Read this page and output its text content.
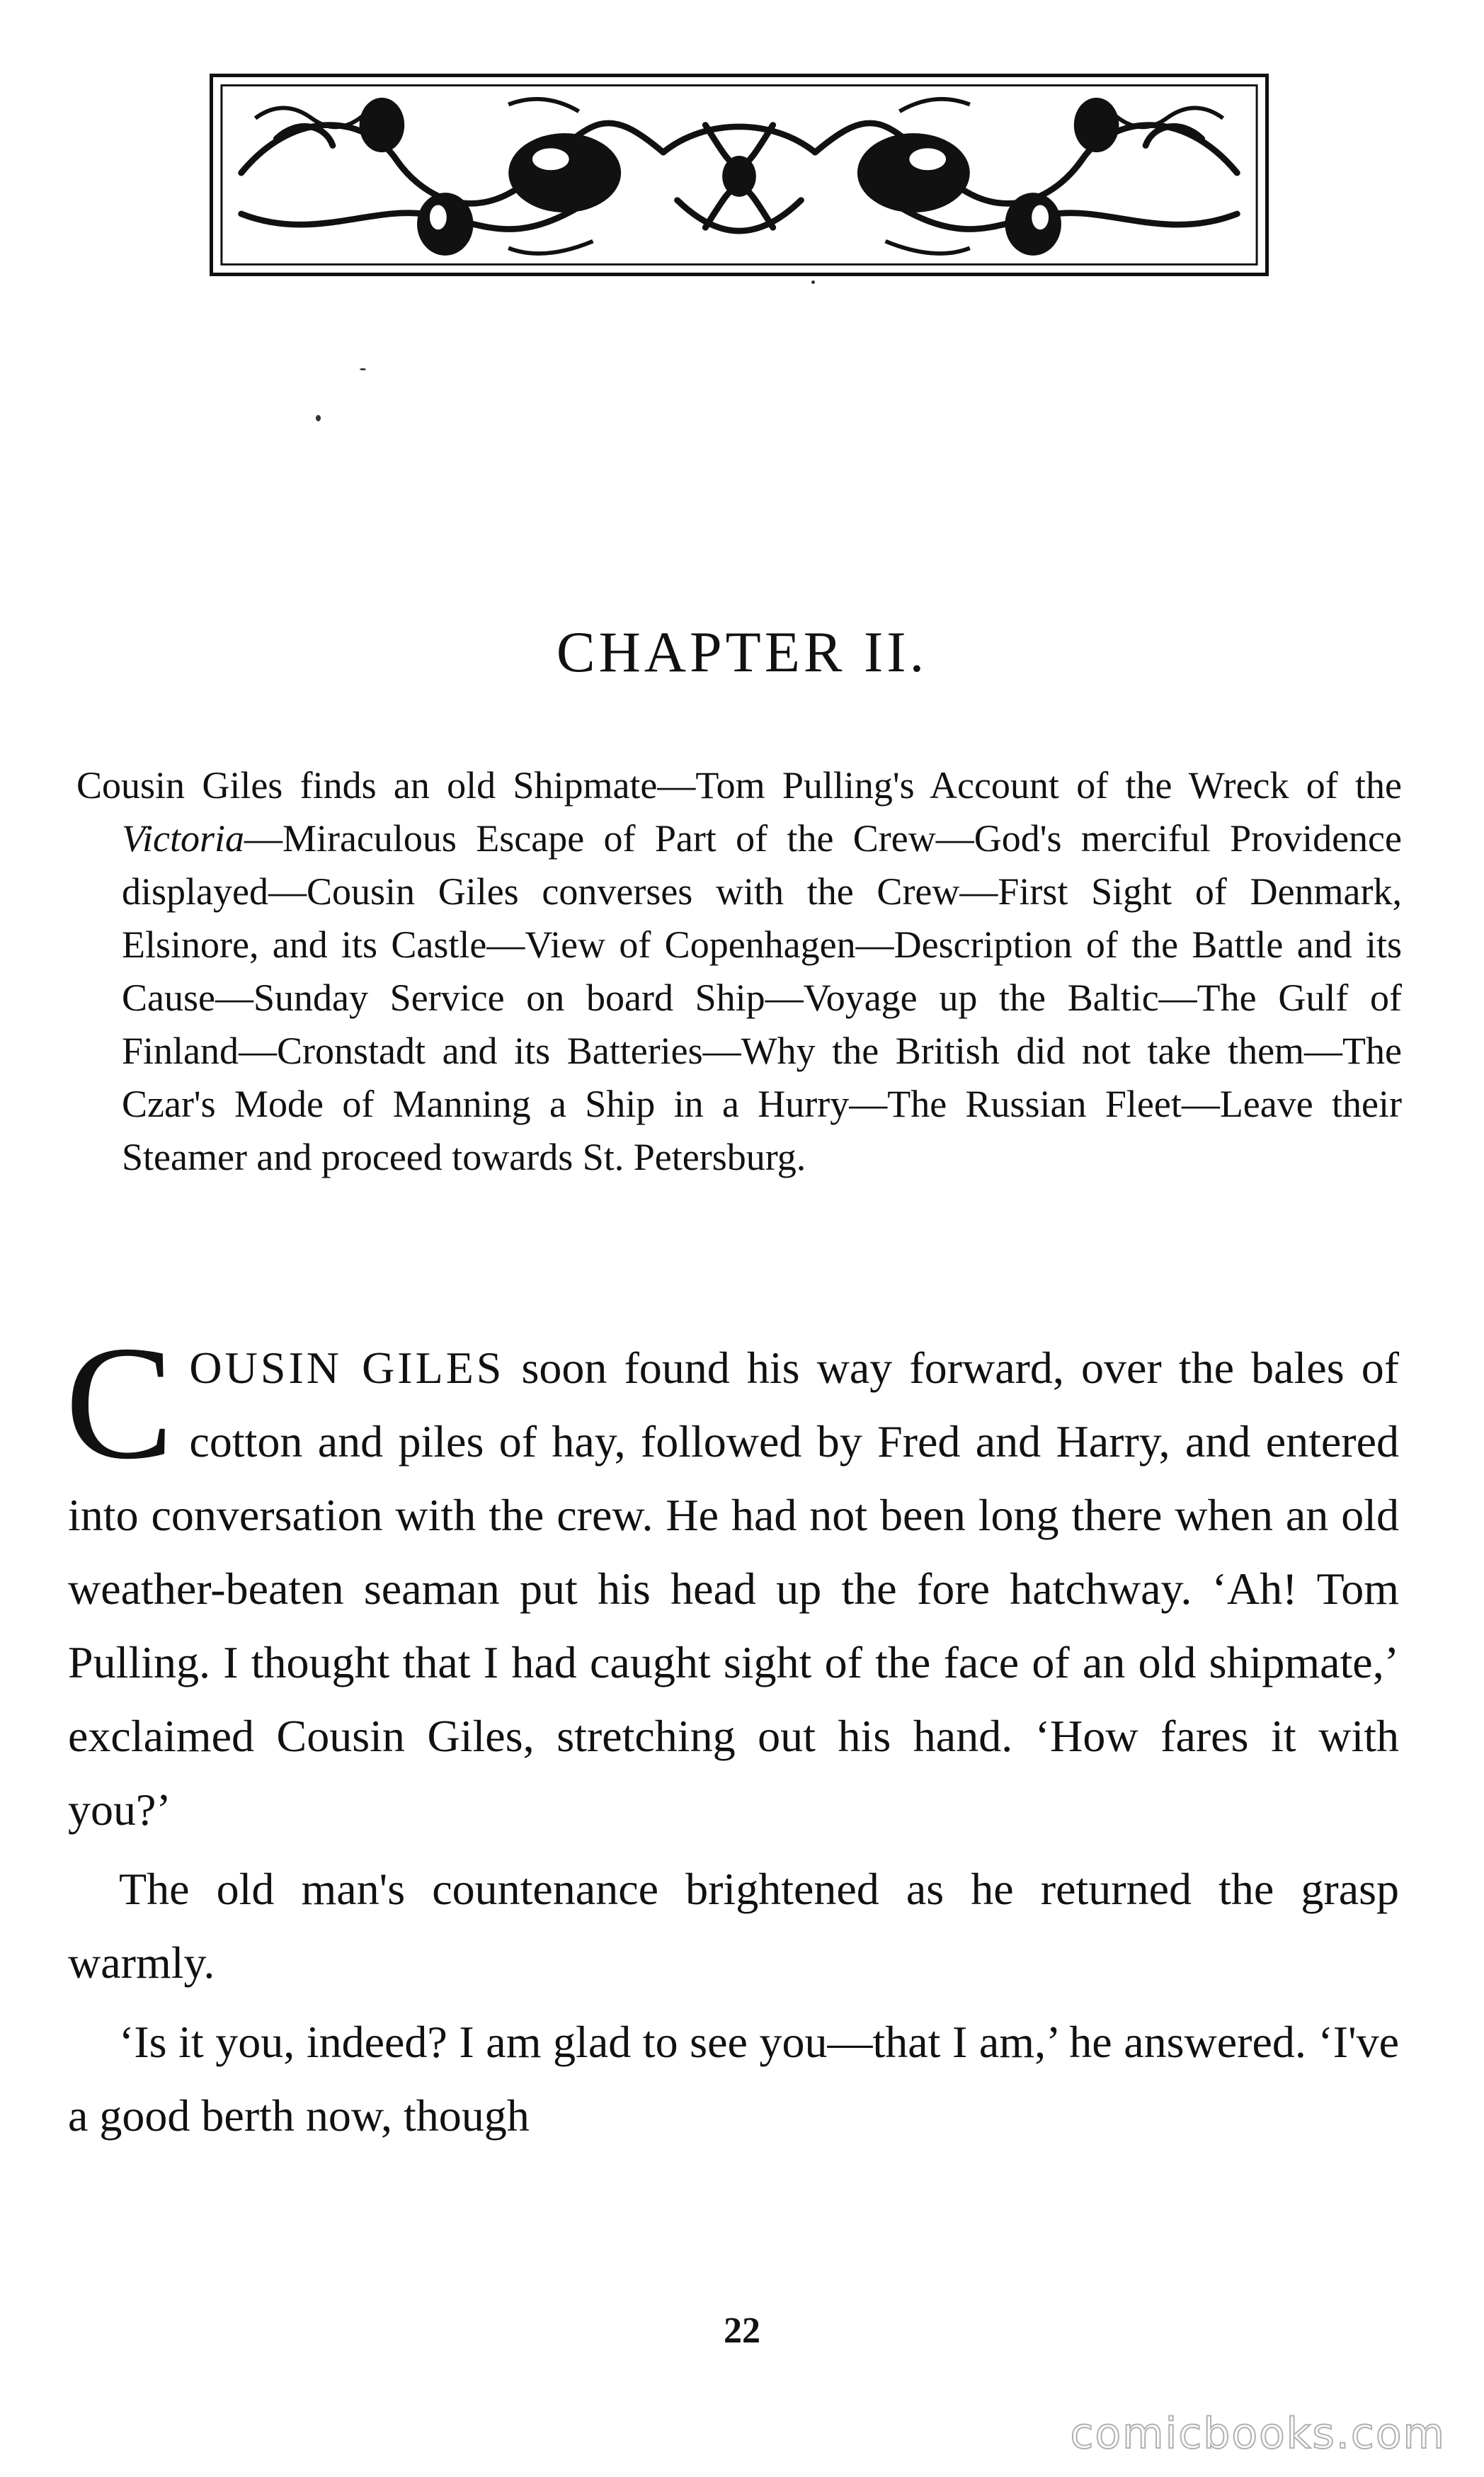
CHAPTER II.
Cousin Giles finds an old Shipmate—Tom Pulling's Account of the Wreck of the Victoria—Miraculous Escape of Part of the Crew—God's merciful Providence displayed—Cousin Giles converses with the Crew—First Sight of Denmark, Elsinore, and its Castle—View of Copenhagen—Description of the Battle and its Cause—Sunday Service on board Ship—Voyage up the Baltic—The Gulf of Finland—Cronstadt and its Batteries—Why the British did not take them—The Czar's Mode of Manning a Ship in a Hurry—The Russian Fleet—Leave their Steamer and proceed towards St. Petersburg.

COUSIN GILES soon found his way forward, over the bales of cotton and piles of hay, followed by Fred and Harry, and entered into conversation with the crew. He had not been long there when an old weather-beaten seaman put his head up the fore hatchway. ‘Ah! Tom Pulling. I thought that I had caught sight of the face of an old shipmate,’ exclaimed Cousin Giles, stretching out his hand. ‘How fares it with you?’

The old man's countenance brightened as he returned the grasp warmly.

‘Is it you, indeed? I am glad to see you—that I am,’ he answered. ‘I've a good berth now, though

22

comicbooks.com
